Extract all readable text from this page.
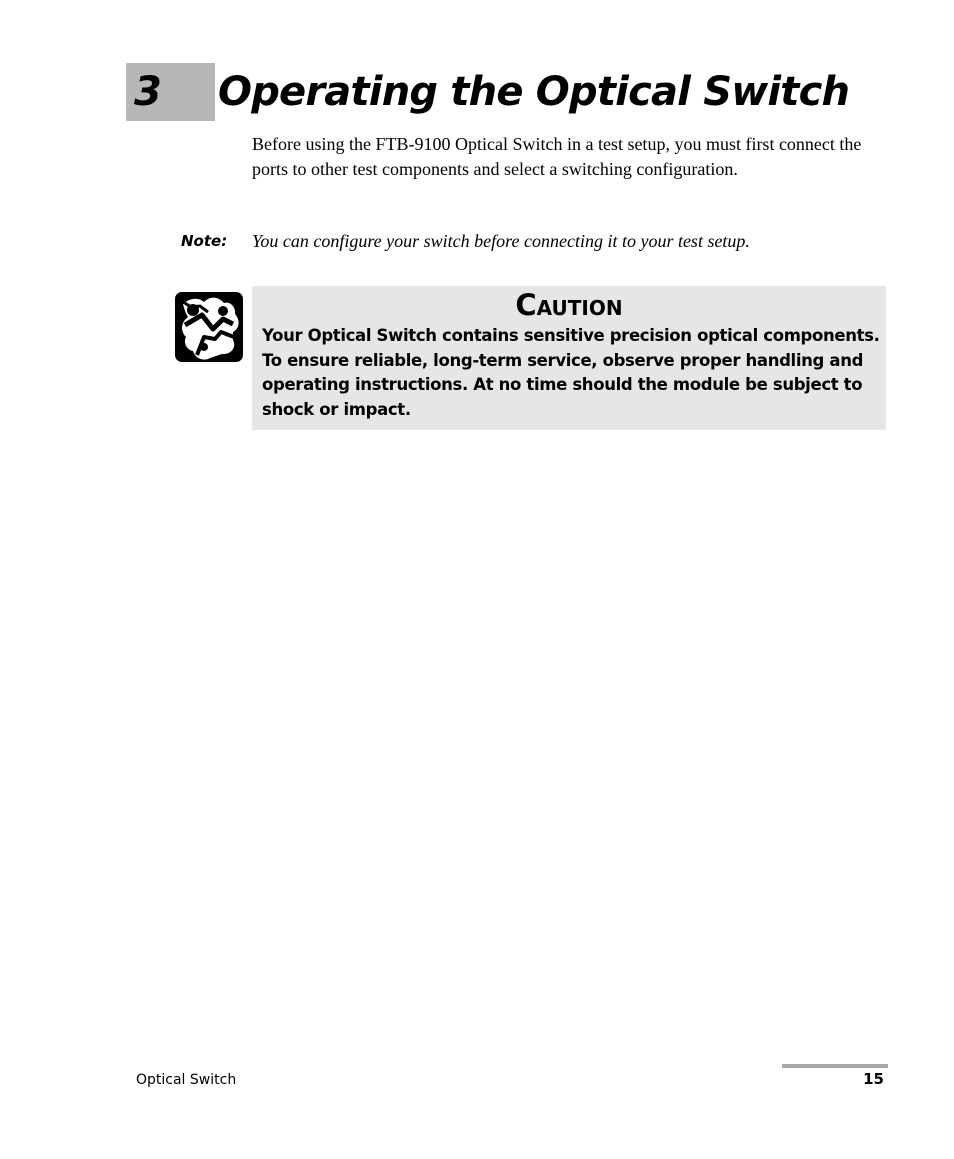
3 Operating the Optical Switch

Before using the FTB-9100 Optical Switch in a test setup, you must first connect the ports to other test components and select a switching configuration.

Note: You can configure your switch before connecting it to your test setup.
Caution

Your Optical Switch contains sensitive precision optical components. To ensure reliable, long-term service, observe proper handling and operating instructions. At no time should the module be subject to shock or impact.

Optical Switch	15
